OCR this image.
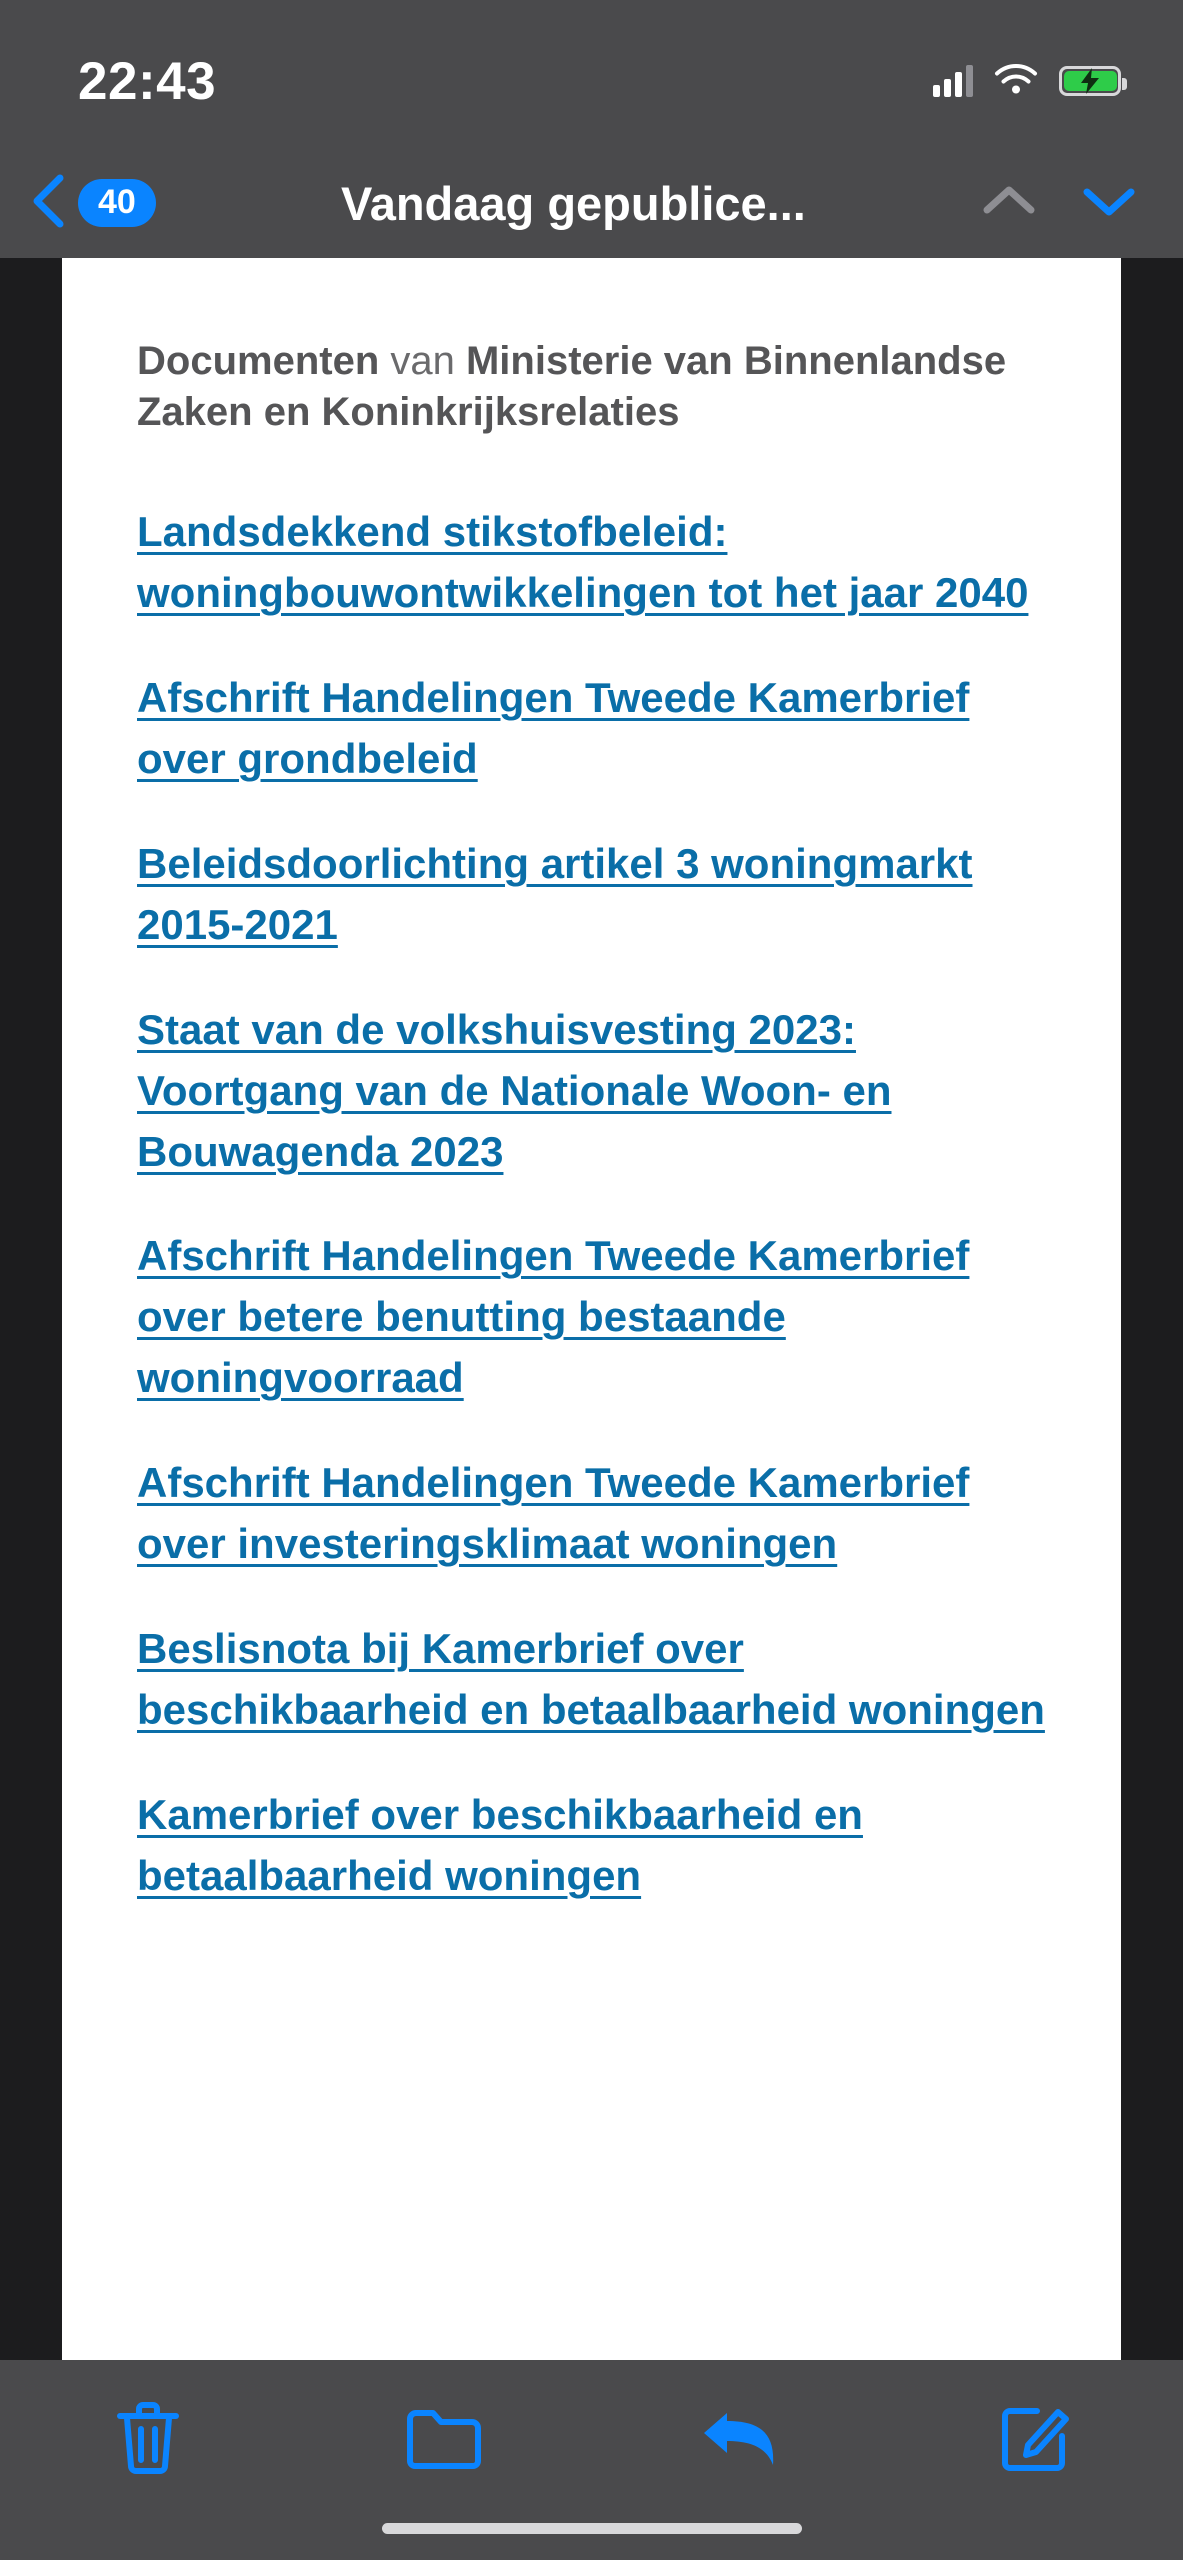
22:43
40	Vandaag gepublice...

Documenten van Ministerie van Binnenlandse Zaken en Koninkrijksrelaties

Landsdekkend stikstofbeleid: woningbouwontwikkelingen tot het jaar 2040
Afschrift Handelingen Tweede Kamerbrief over grondbeleid
Beleidsdoorlichting artikel 3 woningmarkt 2015-2021
Staat van de volkshuisvesting 2023: Voortgang van de Nationale Woon- en Bouwagenda 2023
Afschrift Handelingen Tweede Kamerbrief over betere benutting bestaande woningvoorraad
Afschrift Handelingen Tweede Kamerbrief over investeringsklimaat woningen
Beslisnota bij Kamerbrief over beschikbaarheid en betaalbaarheid woningen
Kamerbrief over beschikbaarheid en betaalbaarheid woningen
